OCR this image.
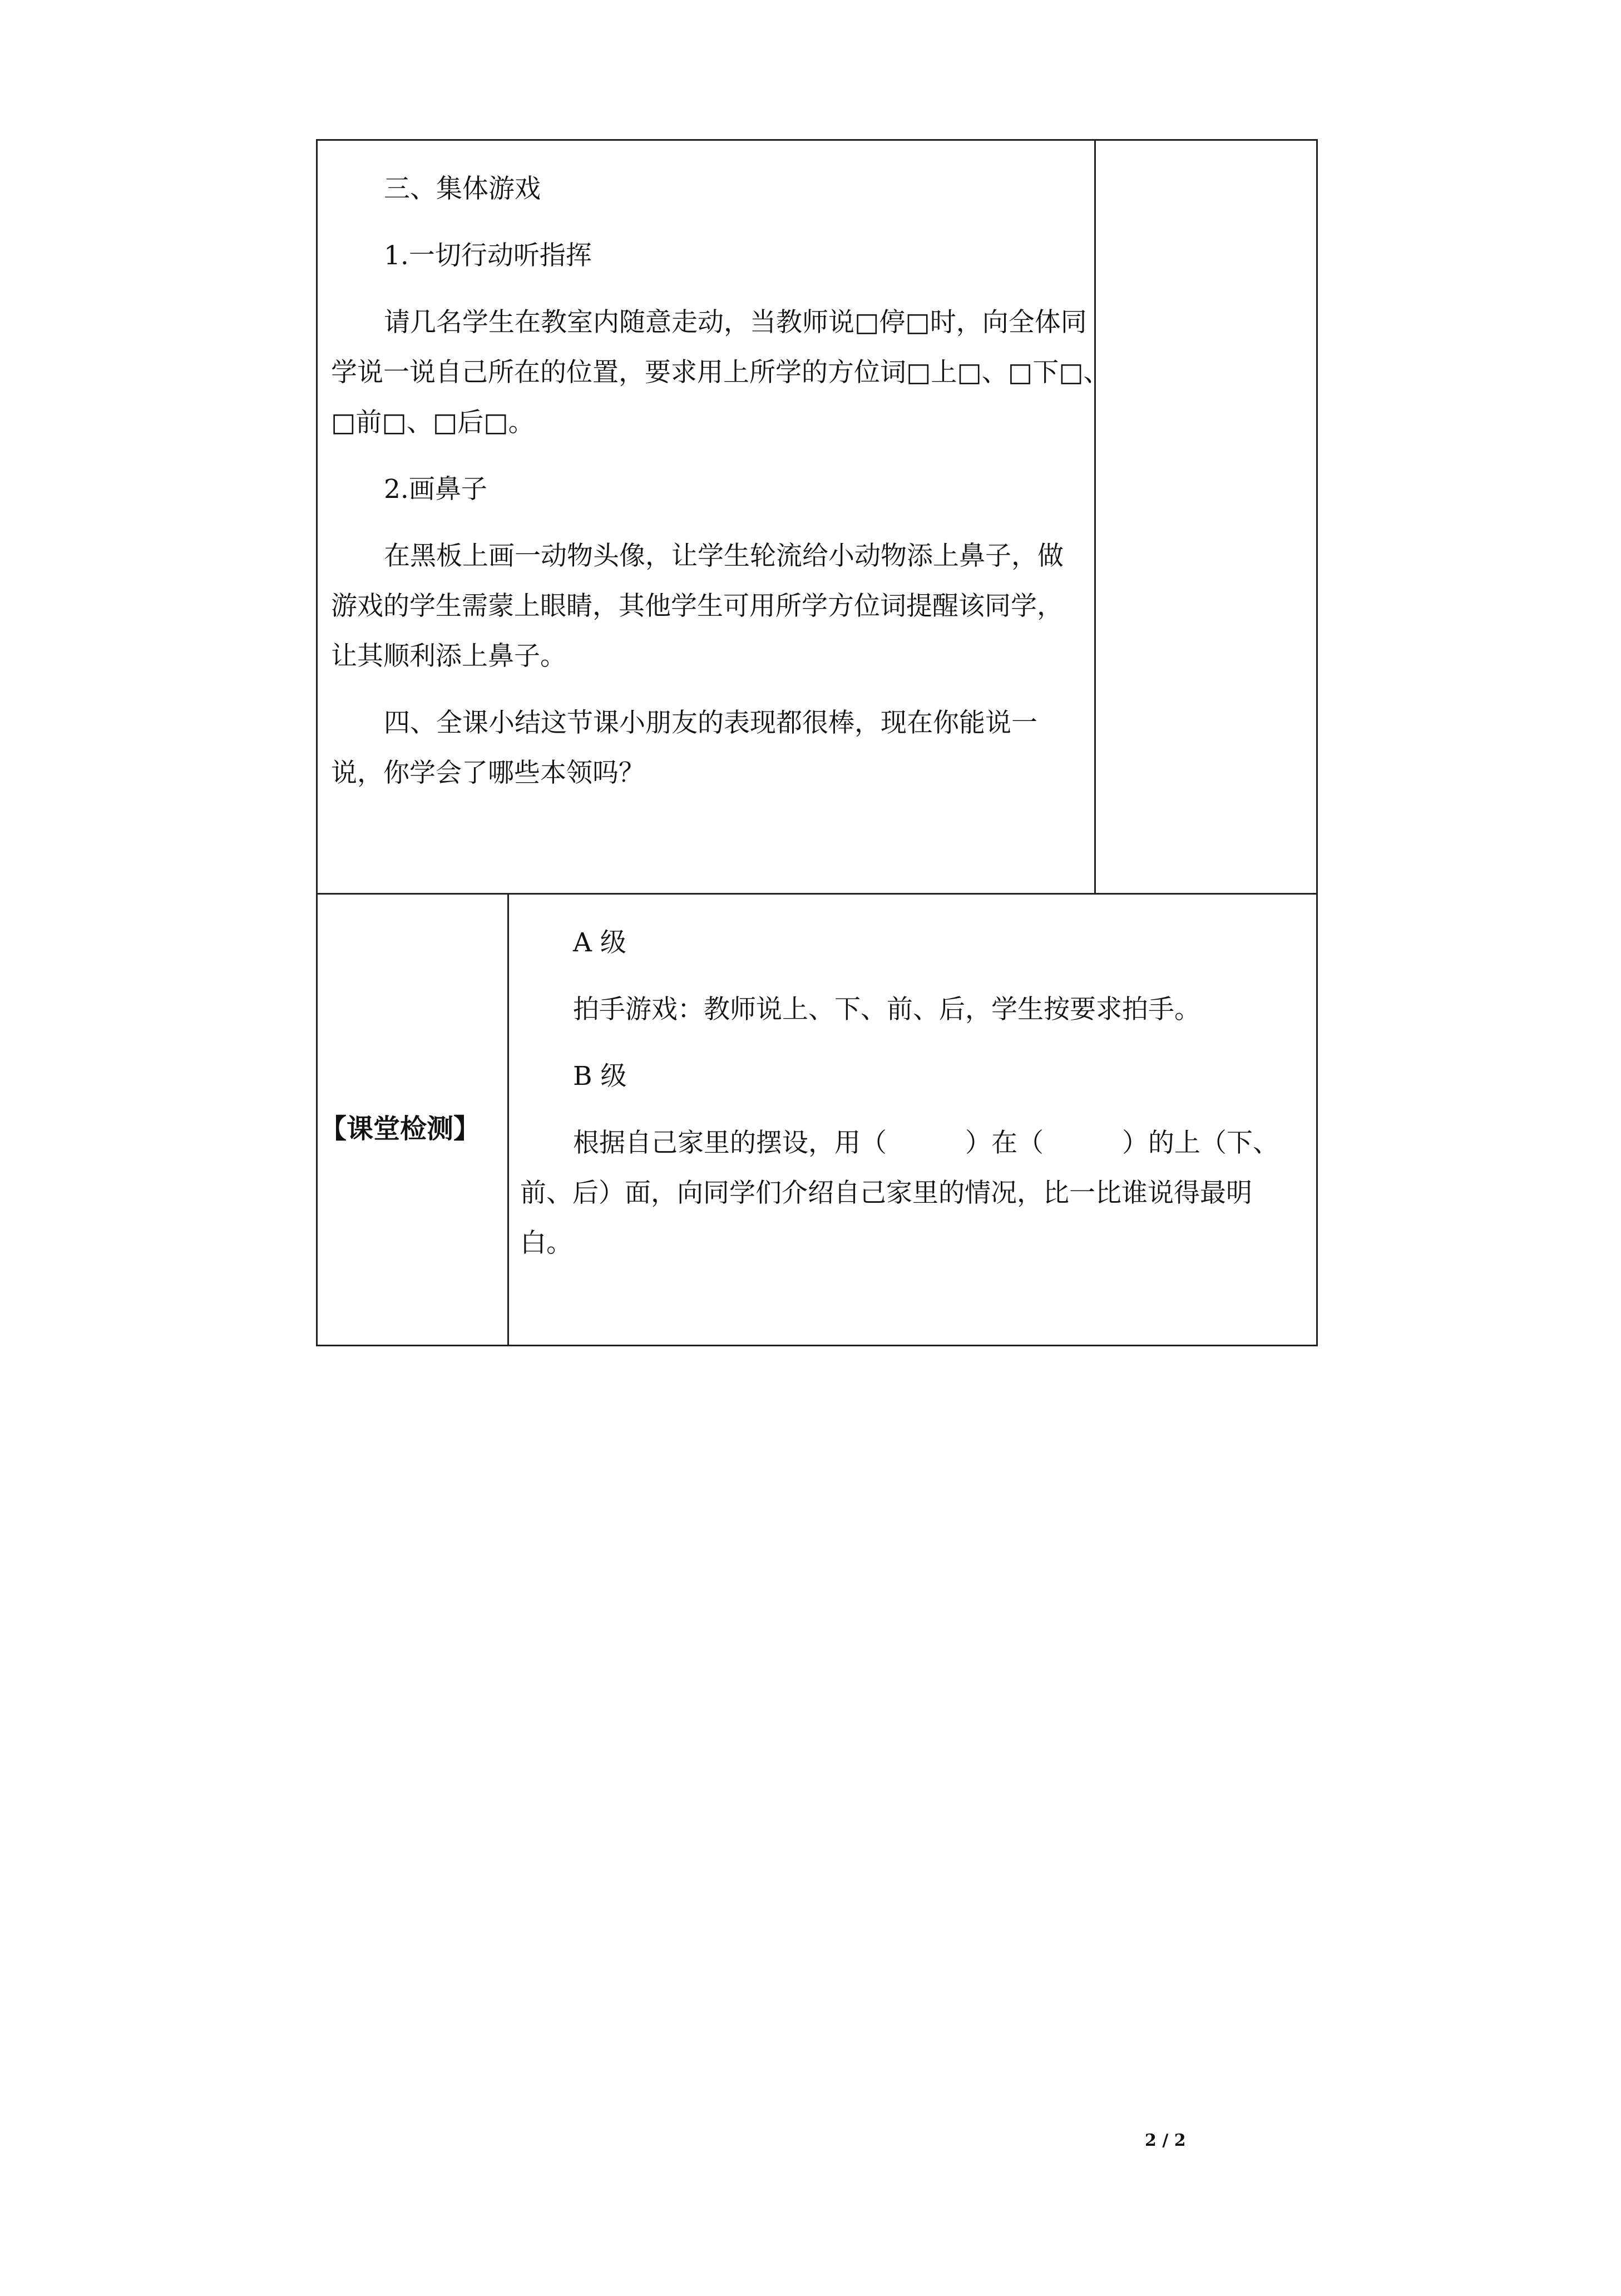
三、集体游戏
1.一切行动听指挥
请几名学生在教室内随意走动，当教师说□停□时，向全体同
学说一说自己所在的位置，要求用上所学的方位词□上□、□下□、
□前□、□后□。
2.画鼻子
在黑板上画一动物头像，让学生轮流给小动物添上鼻子，做
游戏的学生需蒙上眼睛，其他学生可用所学方位词提醒该同学，
让其顺利添上鼻子。
四、全课小结这节课小朋友的表现都很棒，现在你能说一
说，你学会了哪些本领吗？
【课堂检测】
A 级
拍手游戏：教师说上、下、前、后，学生按要求拍手。
B 级
根据自己家里的摆设，用（　　　）在（　　　）的上（下、
前、后）面，向同学们介绍自己家里的情况，比一比谁说得最明
白。
2 / 2
